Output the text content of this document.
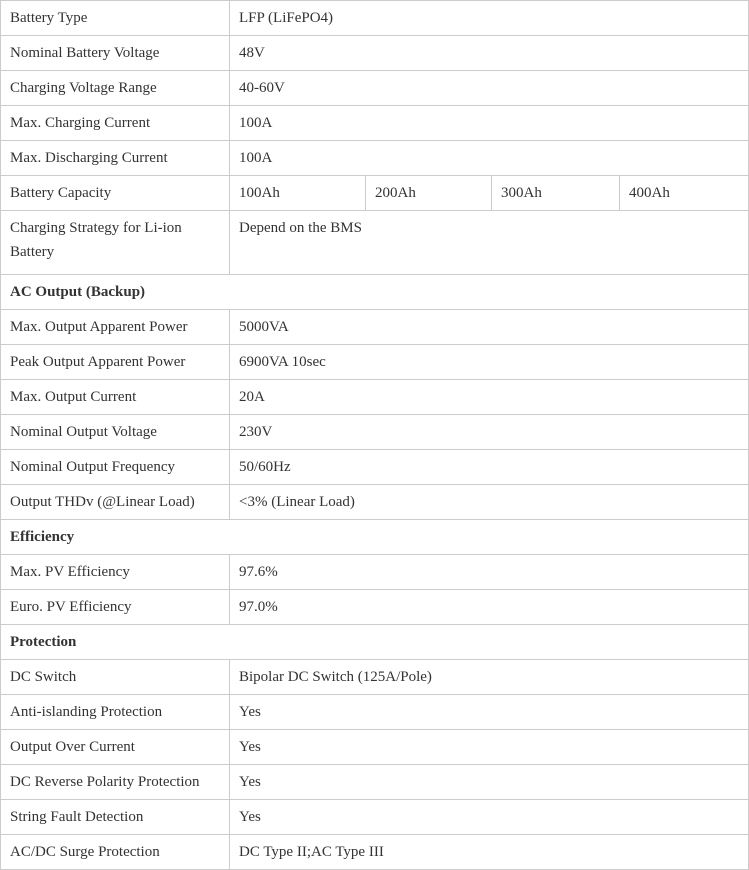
Battery Type	LFP (LiFePO4)			
Nominal Battery Voltage	48V			
Charging Voltage Range	40-60V			
Max. Charging Current	100A			
Max. Discharging Current	100A			
Battery Capacity	100Ah	200Ah	300Ah	400Ah
Charging Strategy for Li-ion Battery	Depend on the BMS			
AC Output (Backup)				
Max. Output Apparent Power	5000VA			
Peak Output Apparent Power	6900VA 10sec			
Max. Output Current	20A			
Nominal Output Voltage	230V			
Nominal Output Frequency	50/60Hz			
Output THDv (@Linear Load)	<3% (Linear Load)			
Efficiency				
Max. PV Efficiency	97.6%			
Euro. PV Efficiency	97.0%			
Protection				
DC Switch	Bipolar DC Switch (125A/Pole)			
Anti-islanding Protection	Yes			
Output Over Current	Yes			
DC Reverse Polarity Protection	Yes			
String Fault Detection	Yes			
AC/DC Surge Protection	DC Type II;AC Type III			
